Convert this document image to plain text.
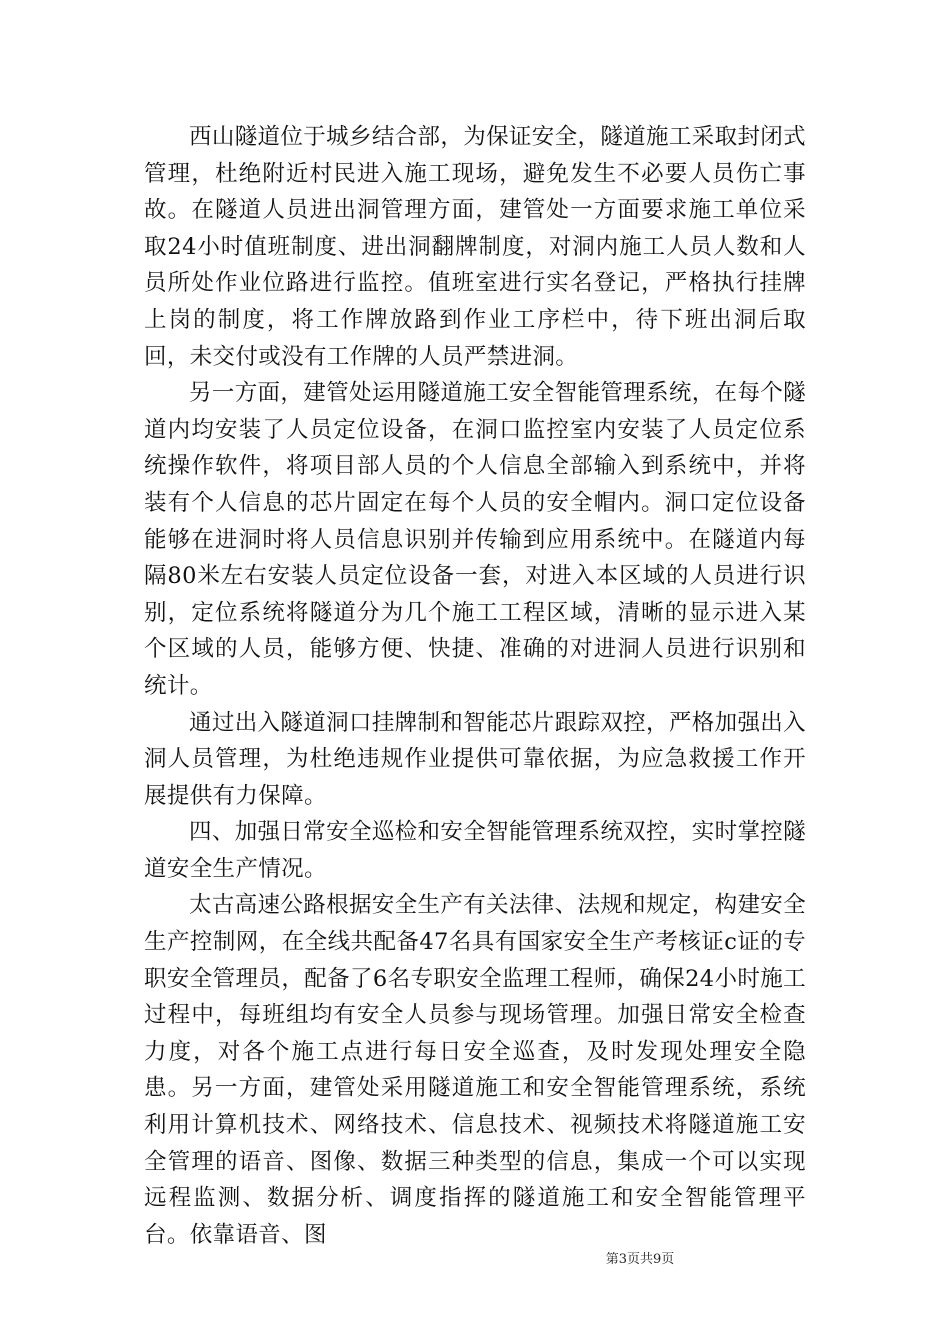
西山隧道位于城乡结合部，为保证安全，隧道施工采取封闭式管理，杜绝附近村民进入施工现场，避免发生不必要人员伤亡事故。在隧道人员进出洞管理方面，建管处一方面要求施工单位采取24小时值班制度、进出洞翻牌制度，对洞内施工人员人数和人员所处作业位路进行监控。值班室进行实名登记，严格执行挂牌上岗的制度，将工作牌放路到作业工序栏中，待下班出洞后取回，未交付或没有工作牌的人员严禁进洞。

另一方面，建管处运用隧道施工安全智能管理系统，在每个隧道内均安装了人员定位设备，在洞口监控室内安装了人员定位系统操作软件，将项目部人员的个人信息全部输入到系统中，并将装有个人信息的芯片固定在每个人员的安全帽内。洞口定位设备能够在进洞时将人员信息识别并传输到应用系统中。在隧道内每隔80米左右安装人员定位设备一套，对进入本区域的人员进行识别，定位系统将隧道分为几个施工工程区域，清晰的显示进入某个区域的人员，能够方便、快捷、准确的对进洞人员进行识别和统计。

通过出入隧道洞口挂牌制和智能芯片跟踪双控，严格加强出入洞人员管理，为杜绝违规作业提供可靠依据，为应急救援工作开展提供有力保障。

四、加强日常安全巡检和安全智能管理系统双控，实时掌控隧道安全生产情况。

太古高速公路根据安全生产有关法律、法规和规定，构建安全生产控制网，在全线共配备47名具有国家安全生产考核证c证的专职安全管理员，配备了6名专职安全监理工程师，确保24小时施工过程中，每班组均有安全人员参与现场管理。加强日常安全检查力度，对各个施工点进行每日安全巡查，及时发现处理安全隐患。另一方面，建管处采用隧道施工和安全智能管理系统，系统利用计算机技术、网络技术、信息技术、视频技术将隧道施工安全管理的语音、图像、数据三种类型的信息，集成一个可以实现远程监测、数据分析、调度指挥的隧道施工和安全智能管理平台。依靠语音、图

第3页共9页
